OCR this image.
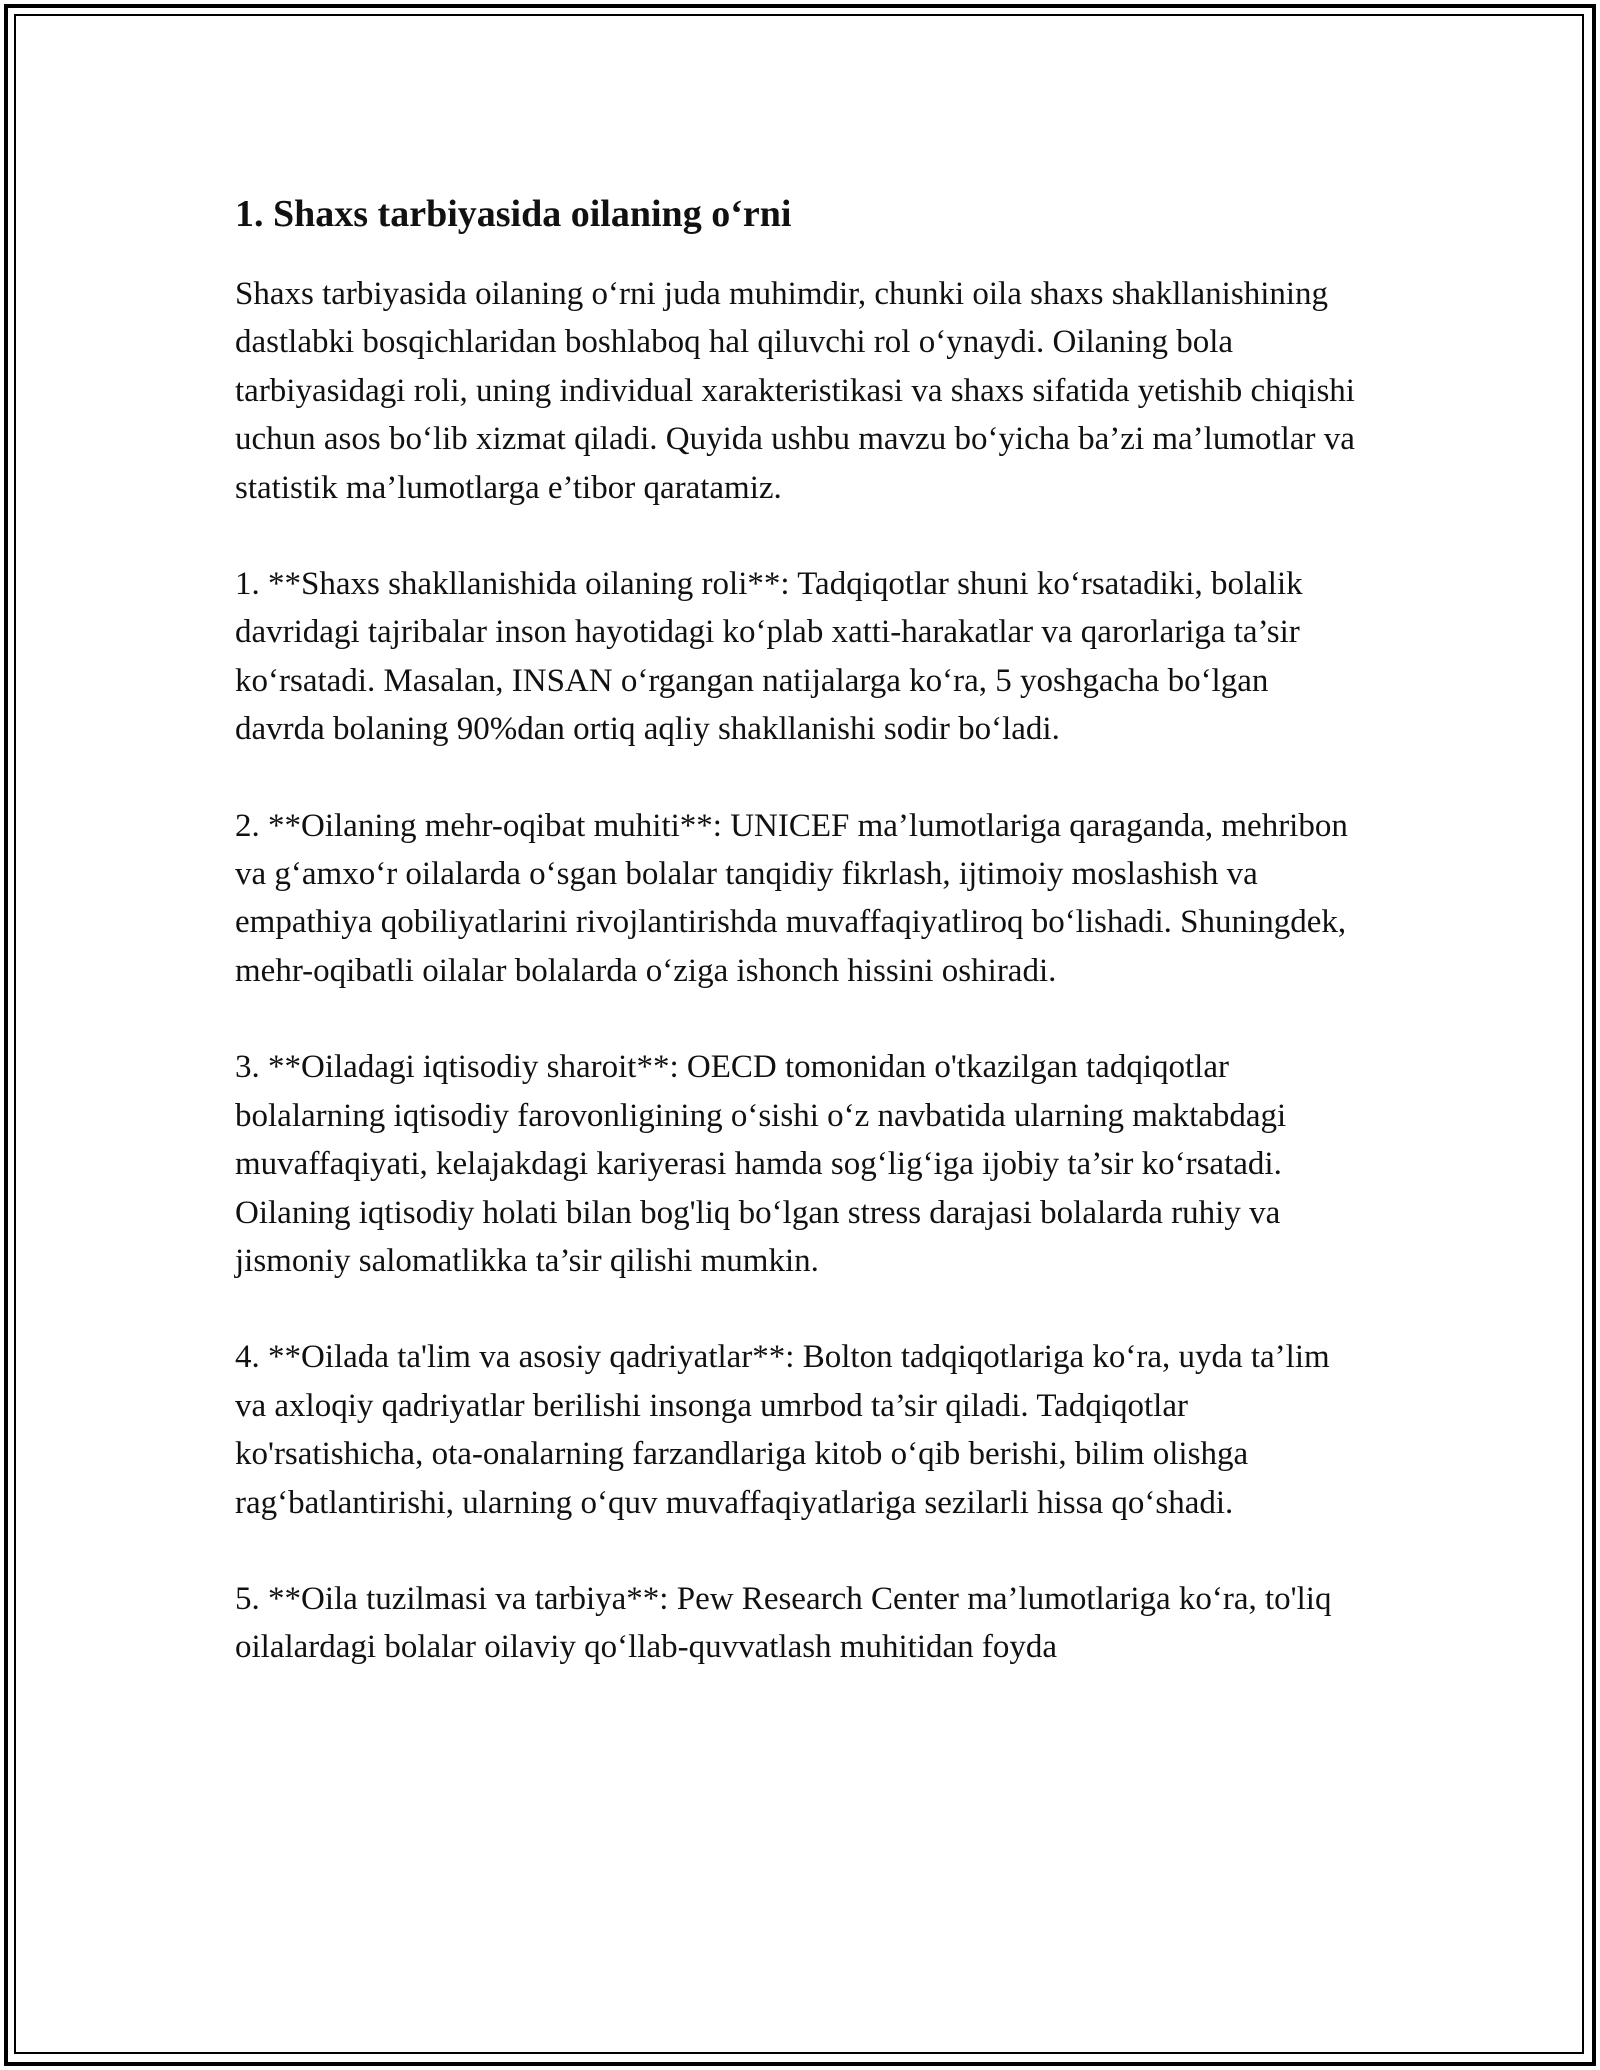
1. Shaxs tarbiyasida oilaning o‘rni

Shaxs tarbiyasida oilaning o‘rni juda muhimdir, chunki oila shaxs shakllanishining dastlabki bosqichlaridan boshlaboq hal qiluvchi rol o‘ynaydi. Oilaning bola tarbiyasidagi roli, uning individual xarakteristikasi va shaxs sifatida yetishib chiqishi uchun asos bo‘lib xizmat qiladi. Quyida ushbu mavzu bo‘yicha ba’zi ma’lumotlar va statistik ma’lumotlarga e’tibor qaratamiz.

1. **Shaxs shakllanishida oilaning roli**: Tadqiqotlar shuni ko‘rsatadiki, bolalik davridagi tajribalar inson hayotidagi ko‘plab xatti-harakatlar va qarorlariga ta’sir ko‘rsatadi. Masalan, INSAN o‘rgangan natijalarga ko‘ra, 5 yoshgacha bo‘lgan davrda bolaning 90%dan ortiq aqliy shakllanishi sodir bo‘ladi.

2. **Oilaning mehr-oqibat muhiti**: UNICEF ma’lumotlariga qaraganda, mehribon va g‘amxo‘r oilalarda o‘sgan bolalar tanqidiy fikrlash, ijtimoiy moslashish va empathiya qobiliyatlarini rivojlantirishda muvaffaqiyatliroq bo‘lishadi. Shuningdek, mehr-oqibatli oilalar bolalarda o‘ziga ishonch hissini oshiradi.

3. **Oiladagi iqtisodiy sharoit**: OECD tomonidan o'tkazilgan tadqiqotlar bolalarning iqtisodiy farovonligining o‘sishi o‘z navbatida ularning maktabdagi muvaffaqiyati, kelajakdagi kariyerasi hamda sog‘lig‘iga ijobiy ta’sir ko‘rsatadi. Oilaning iqtisodiy holati bilan bog'liq bo‘lgan stress darajasi bolalarda ruhiy va jismoniy salomatlikka ta’sir qilishi mumkin.

4. **Oilada ta'lim va asosiy qadriyatlar**: Bolton tadqiqotlariga ko‘ra, uyda ta’lim va axloqiy qadriyatlar berilishi insonga umrbod ta’sir qiladi. Tadqiqotlar ko'rsatishicha, ota-onalarning farzandlariga kitob o‘qib berishi, bilim olishga rag‘batlantirishi, ularning o‘quv muvaffaqiyatlariga sezilarli hissa qo‘shadi.

5. **Oila tuzilmasi va tarbiya**: Pew Research Center ma’lumotlariga ko‘ra, to'liq oilalardagi bolalar oilaviy qo‘llab-quvvatlash muhitidan foyda
